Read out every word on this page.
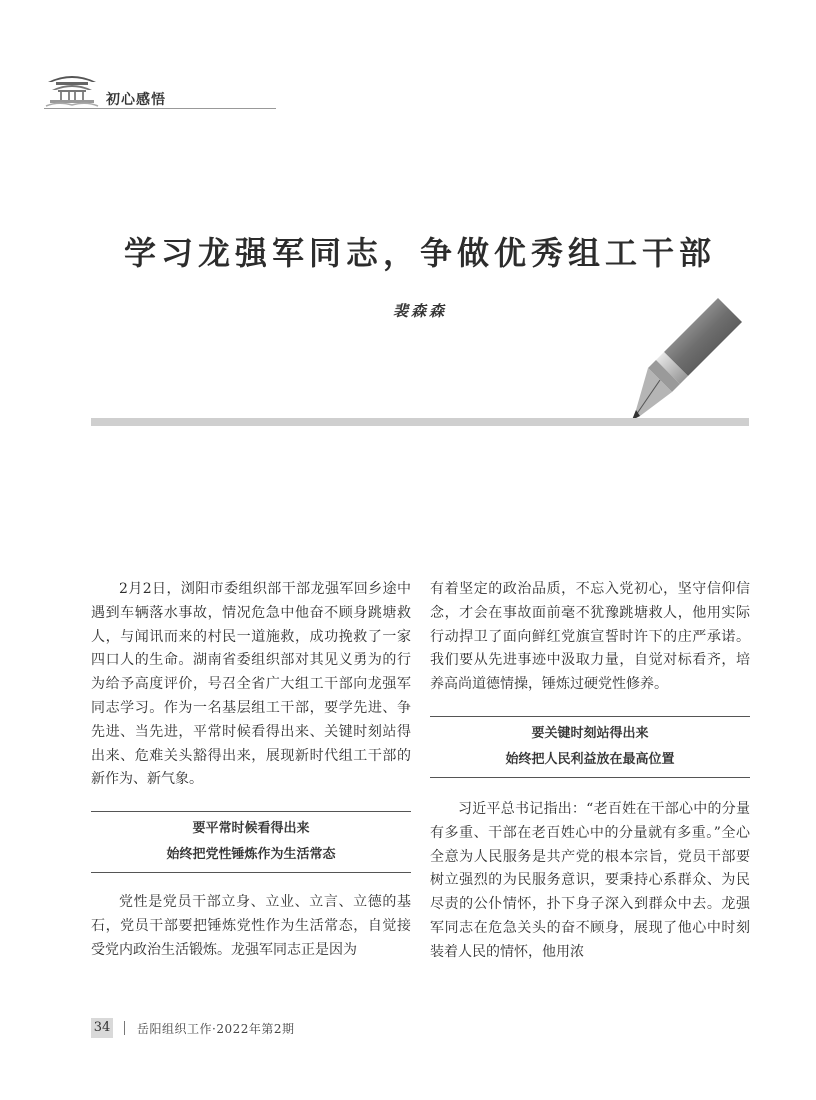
初心感悟
学习龙强军同志，争做优秀组工干部
裴森森

2月2日，浏阳市委组织部干部龙强军回乡途中遇到车辆落水事故，情况危急中他奋不顾身跳塘救人，与闻讯而来的村民一道施救，成功挽救了一家四口人的生命。湖南省委组织部对其见义勇为的行为给予高度评价，号召全省广大组工干部向龙强军同志学习。作为一名基层组工干部，要学先进、争先进、当先进，平常时候看得出来、关键时刻站得出来、危难关头豁得出来，展现新时代组工干部的新作为、新气象。

要平常时候看得出来
始终把党性锤炼作为生活常态

党性是党员干部立身、立业、立言、立德的基石，党员干部要把锤炼党性作为生活常态，自觉接受党内政治生活锻炼。龙强军同志正是因为

有着坚定的政治品质，不忘入党初心，坚守信仰信念，才会在事故面前毫不犹豫跳塘救人，他用实际行动捍卫了面向鲜红党旗宣誓时许下的庄严承诺。我们要从先进事迹中汲取力量，自觉对标看齐，培养高尚道德情操，锤炼过硬党性修养。

要关键时刻站得出来
始终把人民利益放在最高位置

习近平总书记指出：“老百姓在干部心中的分量有多重、干部在老百姓心中的分量就有多重。”全心全意为人民服务是共产党的根本宗旨，党员干部要树立强烈的为民服务意识，要秉持心系群众、为民尽责的公仆情怀，扑下身子深入到群众中去。龙强军同志在危急关头的奋不顾身，展现了他心中时刻装着人民的情怀，他用浓

34 岳阳组织工作·2022年第2期
